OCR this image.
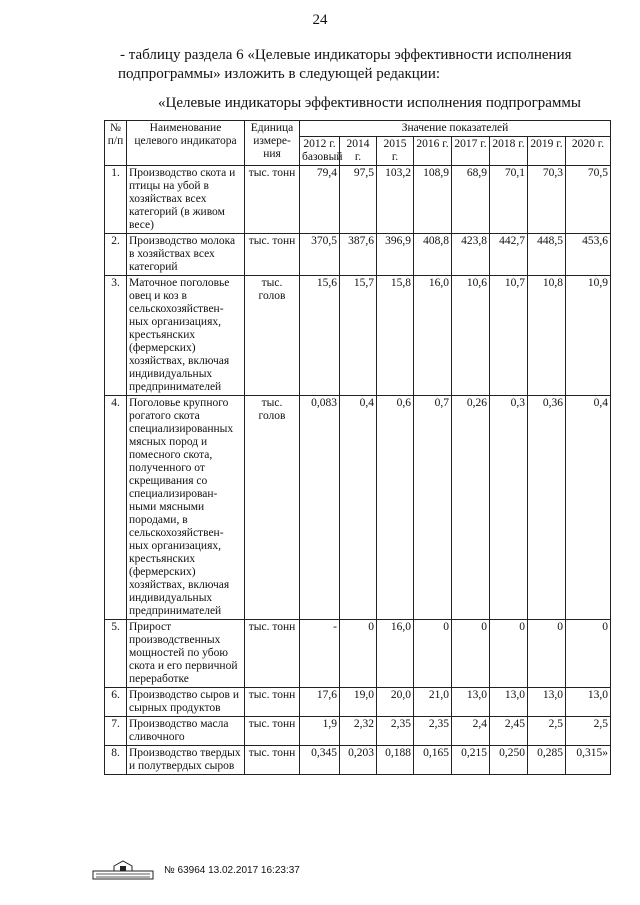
24
- таблицу раздела 6 «Целевые индикаторы эффективности исполнения
подпрограммы» изложить в следующей редакции:
«Целевые индикаторы эффективности исполнения подпрограммы
№ п/п	Наименование целевого индикатора	Единица измере-ния	Значение показателей							
			2012 г. базовый	2014 г.	2015 г.	2016 г.	2017 г.	2018 г.	2019 г.	2020 г.
1.	Производство скота и птицы на убой в хозяйствах всех категорий (в живом весе)	тыс. тонн	79,4	97,5	103,2	108,9	68,9	70,1	70,3	70,5
2.	Производство молока в хозяйствах всех категорий	тыс. тонн	370,5	387,6	396,9	408,8	423,8	442,7	448,5	453,6
3.	Маточное поголовье овец и коз в сельскохозяйствен-ных организациях, крестьянских (фермерских) хозяйствах, включая индивидуальных предпринимателей	тыс. голов	15,6	15,7	15,8	16,0	10,6	10,7	10,8	10,9
4.	Поголовье крупного рогатого скота специализированных мясных пород и помесного скота, полученного от скрещивания со специализирован-ными мясными породами, в сельскохозяйствен-ных организациях, крестьянских (фермерских) хозяйствах, включая индивидуальных предпринимателей	тыс. голов	0,083	0,4	0,6	0,7	0,26	0,3	0,36	0,4
5.	Прирост производственных мощностей по убою скота и его первичной переработке	тыс. тонн	-	0	16,0	0	0	0	0	0
6.	Производство сыров и сырных продуктов	тыс. тонн	17,6	19,0	20,0	21,0	13,0	13,0	13,0	13,0
7.	Производство масла сливочного	тыс. тонн	1,9	2,32	2,35	2,35	2,4	2,45	2,5	2,5
8.	Производство твердых и полутвердых сыров	тыс. тонн	0,345	0,203	0,188	0,165	0,215	0,250	0,285	0,315»
№ 63964 13.02.2017 16:23:37
